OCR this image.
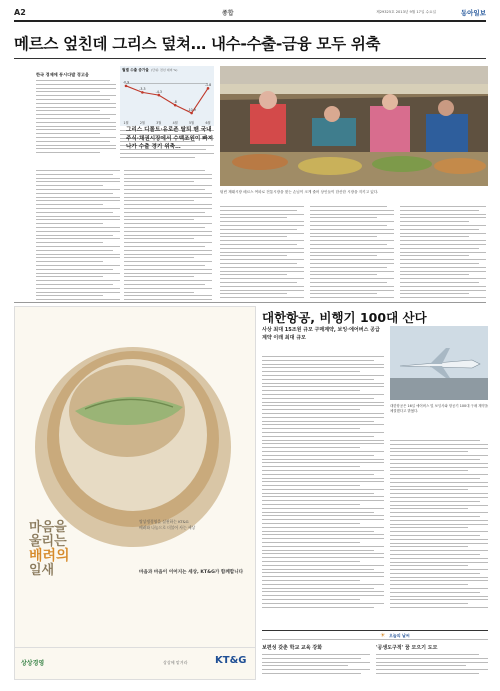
A2	종합	제29325호 2013년 9월 17일 수요일	동아일보
메르스 엎친데 그리스 덮쳐… 내수-수출-금융 모두 위축
한국 경제에 동시다발 경고음
월별 수출 증가율 (단위: 전년 대비 %)
-0.9
1월
-3.3
2월
-4.3
3월
-8
4월
-10.9
5월
-1.8
6월
그리스 디폴트·유로존 탈퇴 땐 국내 주식·채권시장에서 수백조원이 빠져나가 수출 경기 위축…
텅빈 재래시장 메르스 여파로 전통시장을 찾는 손님이 크게 줄어 상인들이 한산한 시장을 지키고 있다.
마음을
울리는
배려의
일새
쌍상생경영을 실천하는 KT&G
배려와 나눔으로 더불어 사는 세상
마음과 마음이 이어지는 세상, KT&G가 함께합니다
상상경영	상상에 맡겨라	KT&G
대한항공, 비행기 100대 산다
사상 최대 15조원 규모 구매계약, 보잉·에어버스 공급계약 이래 최대 규모
대한항공은 16일 에어버스 및 보잉사와 항공기 100대 구매 계약을 체결했다고 밝혔다.
☀ 오늘의 날씨
보편성 갖춘 학교 교육 강화	'공생도구적' 꿈 모으기 도모
